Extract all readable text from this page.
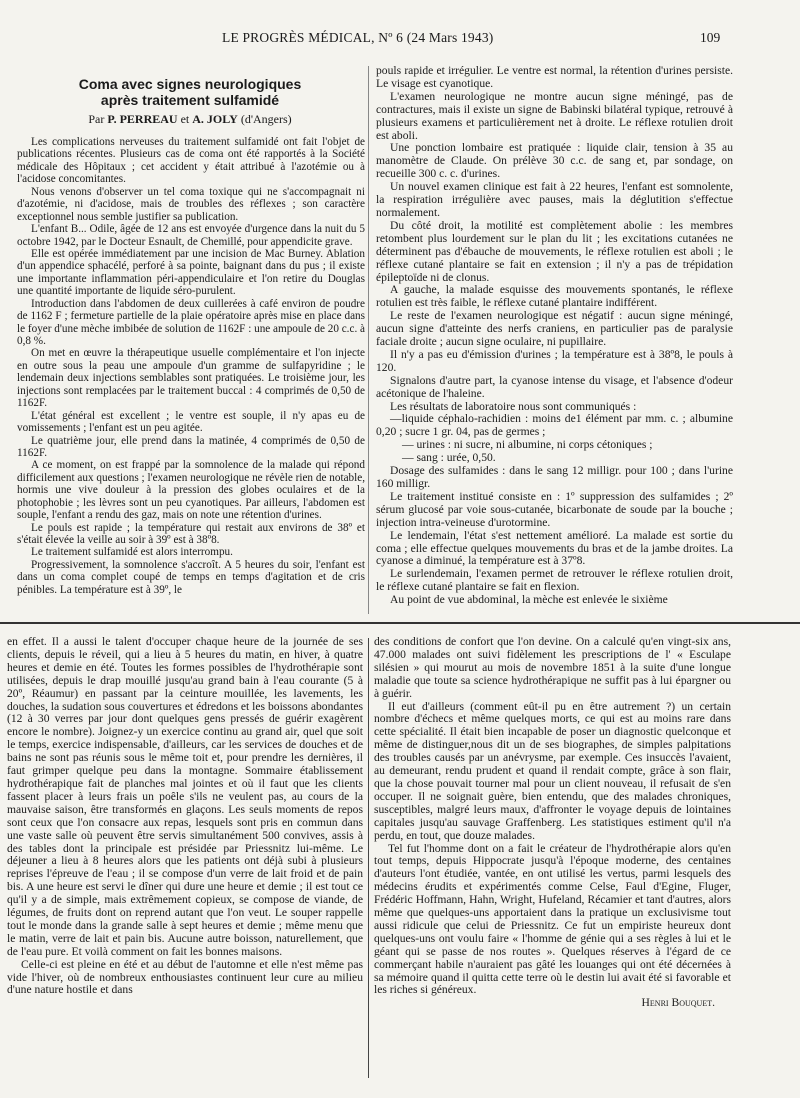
LE PROGRÈS MÉDICAL, Nº 6 (24 Mars 1943)	109
Coma avec signes neurologiques
après traitement sulfamidé
Par P. PERREAU et A. JOLY (d'Angers)

Les complications nerveuses du traitement sulfamidé ont fait l'objet de publications récentes. Plusieurs cas de coma ont été rapportés à la Société médicale des Hôpitaux ; cet accident y était attribué à l'azotémie ou à l'acidose concomitantes.

Nous venons d'observer un tel coma toxique qui ne s'accompagnait ni d'azotémie, ni d'acidose, mais de troubles des réflexes ; son caractère exceptionnel nous semble justifier sa publication.

L'enfant B... Odile, âgée de 12 ans est envoyée d'urgence dans la nuit du 5 octobre 1942, par le Docteur Esnault, de Chemillé, pour appendicite grave.

Elle est opérée immédiatement par une incision de Mac Burney. Ablation d'un appendice sphacélé, perforé à sa pointe, baignant dans du pus ; il existe une importante inflammation péri-appendiculaire et l'on retire du Douglas une quantité importante de liquide séro-purulent.

Introduction dans l'abdomen de deux cuillerées à café environ de poudre de 1162 F ; fermeture partielle de la plaie opératoire après mise en place dans le foyer d'une mèche imbibée de solution de 1162F : une ampoule de 20 c.c. à 0,8 %.

On met en œuvre la thérapeutique usuelle complémentaire et l'on injecte en outre sous la peau une ampoule d'un gramme de sulfapyridine ; le lendemain deux injections semblables sont pratiquées. Le troisième jour, les injections sont remplacées par le traitement buccal : 4 comprimés de 0,50 de 1162F.

L'état général est excellent ; le ventre est souple, il n'y apas eu de vomissements ; l'enfant est un peu agitée.

Le quatrième jour, elle prend dans la matinée, 4 comprimés de 0,50 de 1162F.

A ce moment, on est frappé par la somnolence de la malade qui répond difficilement aux questions ; l'examen neurologique ne révèle rien de notable, hormis une vive douleur à la pression des globes oculaires et de la photophobie ; les lèvres sont un peu cyanotiques. Par ailleurs, l'abdomen est souple, l'enfant a rendu des gaz, mais on note une rétention d'urines.

Le pouls est rapide ; la température qui restait aux environs de 38º et s'était élevée la veille au soir à 39º est à 38º8.

Le traitement sulfamidé est alors interrompu.

Progressivement, la somnolence s'accroît. A 5 heures du soir, l'enfant est dans un coma complet coupé de temps en temps d'agitation et de cris pénibles. La température est à 39º, le

pouls rapide et irrégulier. Le ventre est normal, la rétention d'urines persiste. Le visage est cyanotique.

L'examen neurologique ne montre aucun signe méningé, pas de contractures, mais il existe un signe de Babinski bilatéral typique, retrouvé à plusieurs examens et particulièrement net à droite. Le réflexe rotulien droit est aboli.

Une ponction lombaire est pratiquée : liquide clair, tension à 35 au manomètre de Claude. On prélève 30 c.c. de sang et, par sondage, on recueille 300 c. c. d'urines.

Un nouvel examen clinique est fait à 22 heures, l'enfant est somnolente, la respiration irrégulière avec pauses, mais la déglutition s'effectue normalement.

Du côté droit, la motilité est complètement abolie : les membres retombent plus lourdement sur le plan du lit ; les excitations cutanées ne déterminent pas d'ébauche de mouvements, le réflexe rotulien est aboli ; le réflexe cutané plantaire se fait en extension ; il n'y a pas de trépidation épileptoïde ni de clonus.

A gauche, la malade esquisse des mouvements spontanés, le réflexe rotulien est très faible, le réflexe cutané plantaire indifférent.

Le reste de l'examen neurologique est négatif : aucun signe méningé, aucun signe d'atteinte des nerfs craniens, en particulier pas de paralysie faciale droite ; aucun signe oculaire, ni pupillaire.

Il n'y a pas eu d'émission d'urines ; la température est à 38º8, le pouls à 120.

Signalons d'autre part, la cyanose intense du visage, et l'absence d'odeur acétonique de l'haleine.

Les résultats de laboratoire nous sont communiqués :

—liquide céphalo-rachidien : moins de1 élément par mm. c. ; albumine 0,20 ; sucre 1 gr. 04, pas de germes ;

— urines : ni sucre, ni albumine, ni corps cétoniques ;

— sang : urée, 0,50.

Dosage des sulfamides : dans le sang 12 milligr. pour 100 ; dans l'urine 160 milligr.

Le traitement institué consiste en : 1º suppression des sulfamides ; 2º sérum glucosé par voie sous-cutanée, bicarbonate de soude par la bouche ; injection intra-veineuse d'urotormine.

Le lendemain, l'état s'est nettement amélioré. La malade est sortie du coma ; elle effectue quelques mouvements du bras et de la jambe droites. La cyanose a diminué, la température est à 37º8.

Le surlendemain, l'examen permet de retrouver le réflexe rotulien droit, le réflexe cutané plantaire se fait en flexion.

Au point de vue abdominal, la mèche est enlevée le sixième

en effet. Il a aussi le talent d'occuper chaque heure de la journée de ses clients, depuis le réveil, qui a lieu à 5 heures du matin, en hiver, à quatre heures et demie en été. Toutes les formes possibles de l'hydrothérapie sont utilisées, depuis le drap mouillé jusqu'au grand bain à l'eau courante (5 à 20º, Réaumur) en passant par la ceinture mouillée, les lavements, les douches, la sudation sous couvertures et édredons et les boissons abondantes (12 à 30 verres par jour dont quelques gens pressés de guérir exagèrent encore le nombre). Joignez-y un exercice continu au grand air, quel que soit le temps, exercice indispensable, d'ailleurs, car les services de douches et de bains ne sont pas réunis sous le même toit et, pour prendre les dernières, il faut grimper quelque peu dans la montagne. Sommaire établissement hydrothérapique fait de planches mal jointes et où il faut que les clients fassent placer à leurs frais un poêle s'ils ne veulent pas, au cours de la mauvaise saison, être transformés en glaçons. Les seuls moments de repos sont ceux que l'on consacre aux repas, lesquels sont pris en commun dans une vaste salle où peuvent être servis simultanément 500 convives, assis à des tables dont la principale est présidée par Priessnitz lui-même. Le déjeuner a lieu à 8 heures alors que les patients ont déjà subi à plusieurs reprises l'épreuve de l'eau ; il se compose d'un verre de lait froid et de pain bis. A une heure est servi le dîner qui dure une heure et demie ; il est tout ce qu'il y a de simple, mais extrêmement copieux, se compose de viande, de légumes, de fruits dont on reprend autant que l'on veut. Le souper rappelle tout le monde dans la grande salle à sept heures et demie ; même menu que le matin, verre de lait et pain bis. Aucune autre boisson, naturellement, que de l'eau pure. Et voilà comment on fait les bonnes maisons.

Celle-ci est pleine en été et au début de l'automne et elle n'est même pas vide l'hiver, où de nombreux enthousiastes continuent leur cure au milieu d'une nature hostile et dans

des conditions de confort que l'on devine. On a calculé qu'en vingt-six ans, 47.000 malades ont suivi fidèlement les prescriptions de l' « Esculape silésien » qui mourut au mois de novembre 1851 à la suite d'une longue maladie que toute sa science hydrothérapique ne suffit pas à lui épargner ou à guérir.

Il eut d'ailleurs (comment eût-il pu en être autrement ?) un certain nombre d'échecs et même quelques morts, ce qui est au moins rare dans cette spécialité. Il était bien incapable de poser un diagnostic quelconque et même de distinguer,nous dit un de ses biographes, de simples palpitations des troubles causés par un anévrysme, par exemple. Ces insuccès l'avaient, au demeurant, rendu prudent et quand il rendait compte, grâce à son flair, que la chose pouvait tourner mal pour un client nouveau, il refusait de s'en occuper. Il ne soignait guère, bien entendu, que des malades chroniques, susceptibles, malgré leurs maux, d'affronter le voyage depuis de lointaines capitales jusqu'au sauvage Graffenberg. Les statistiques estiment qu'il n'a perdu, en tout, que douze malades.

Tel fut l'homme dont on a fait le créateur de l'hydrothérapie alors qu'en tout temps, depuis Hippocrate jusqu'à l'époque moderne, des centaines d'auteurs l'ont étudiée, vantée, en ont utilisé les vertus, parmi lesquels des médecins érudits et expérimentés comme Celse, Faul d'Egine, Fluger, Frédéric Hoffmann, Hahn, Wright, Hufeland, Récamier et tant d'autres, alors même que quelques-uns apportaient dans la pratique un exclusivisme tout aussi ridicule que celui de Priessnitz. Ce fut un empiriste heureux dont quelques-uns ont voulu faire « l'homme de génie qui a ses règles à lui et le géant qui se passe de nos routes ». Quelques réserves à l'égard de ce commerçant habile n'auraient pas gâté les louanges qui ont été décernées à sa mémoire quand il quitta cette terre où le destin lui avait été si favorable et les riches si généreux.

Henri Bouquet.
